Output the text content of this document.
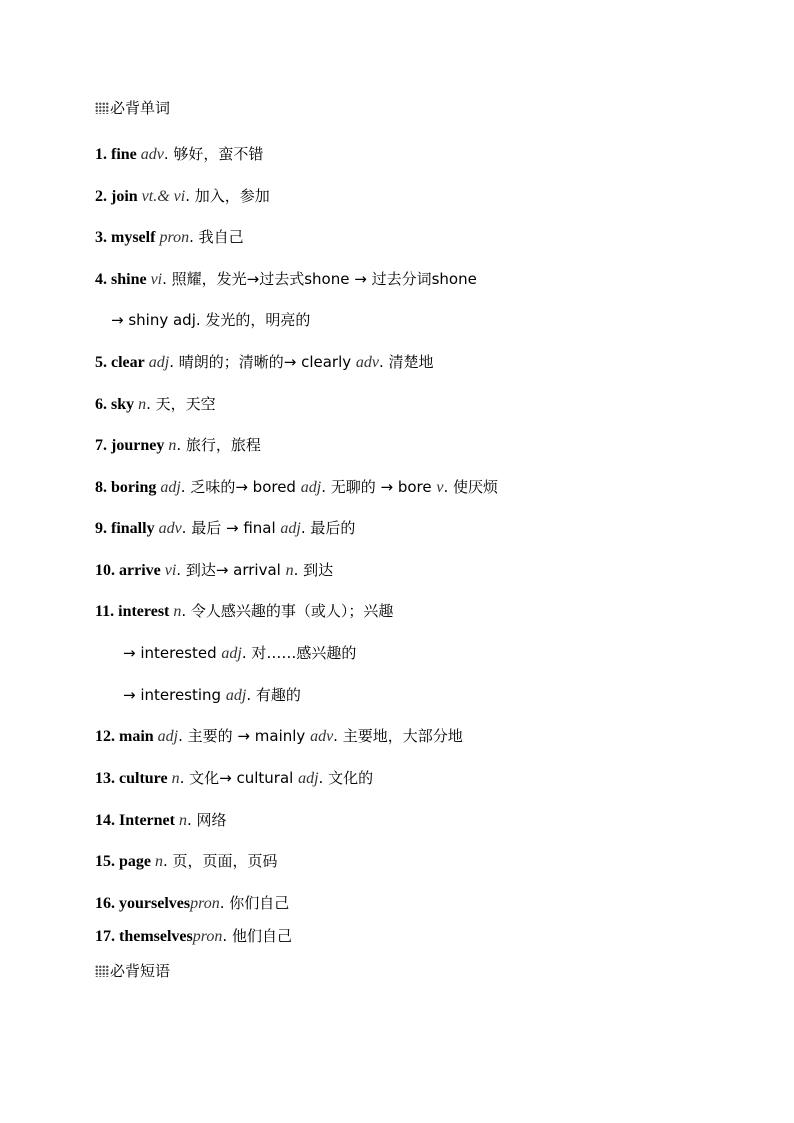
必背单词
1. fine adv. 够好，蛮不错
2. join vt.& vi. 加入，参加
3. myself pron. 我自己
4. shine vi. 照耀，发光→过去式shone → 过去分词shone
→ shiny adj. 发光的，明亮的
5. clear adj. 晴朗的；清晰的→ clearly adv. 清楚地
6. sky n. 天，天空
7. journey n. 旅行，旅程
8. boring adj. 乏味的→ bored adj. 无聊的 → bore v. 使厌烦
9. finally adv. 最后 → final adj. 最后的
10. arrive vi. 到达→ arrival n. 到达
11. interest n. 令人感兴趣的事（或人）；兴趣
→ interested adj. 对……感兴趣的
→ interesting adj. 有趣的
12. main adj. 主要的 → mainly adv. 主要地，大部分地
13. culture n. 文化→ cultural adj. 文化的
14. Internet n. 网络
15. page n. 页，页面，页码
16. yourselvespron. 你们自己
17. themselvespron. 他们自己
必背短语
